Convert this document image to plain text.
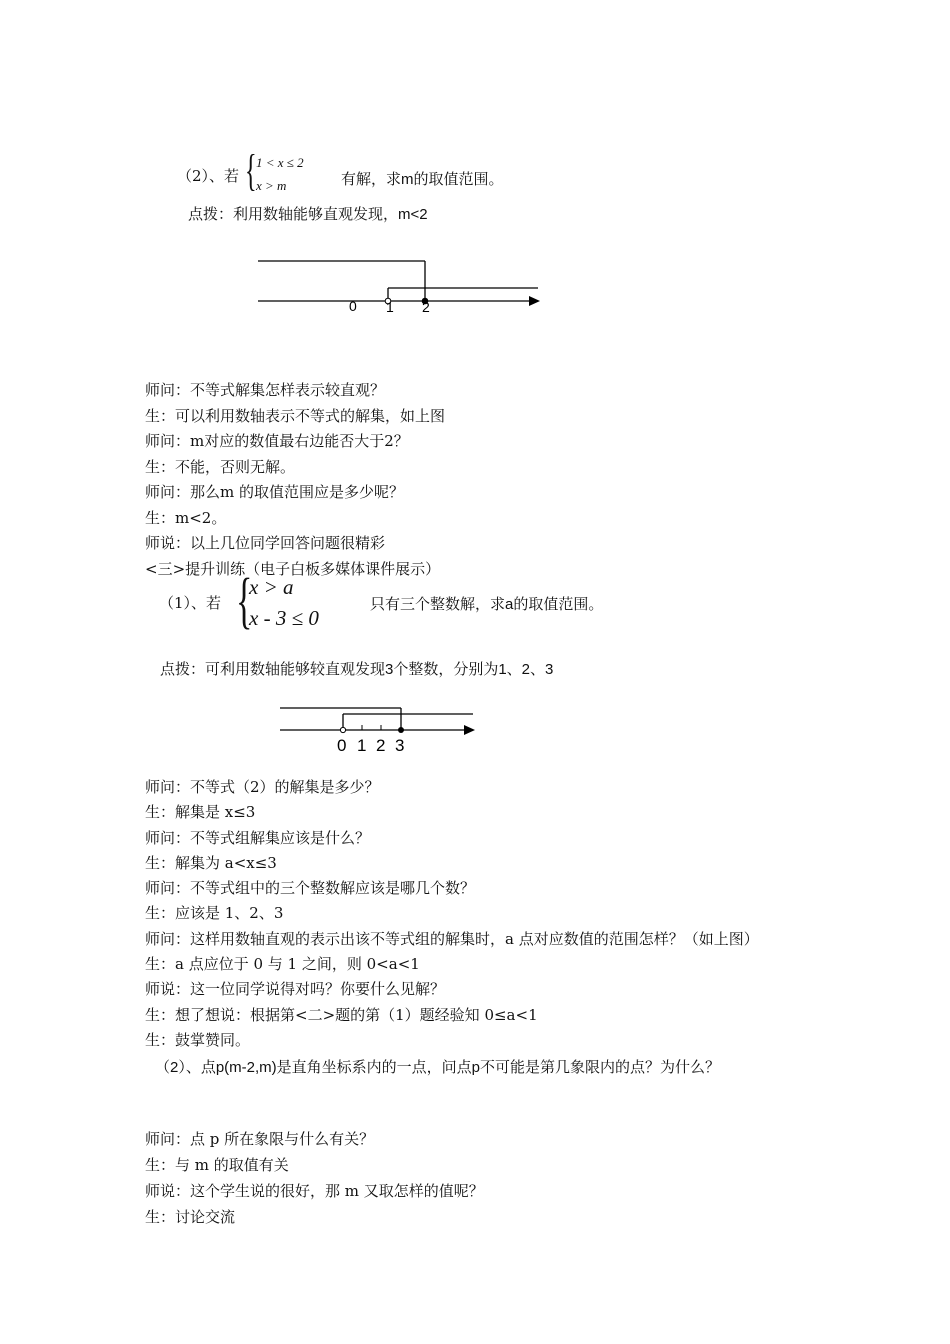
（2）、若 { 1 < x ≤ 2
x > m	有解，求m的取值范围。
点拨：利用数轴能够直观发现，m<2
0 1 2
师问：不等式解集怎样表示较直观？
生：可以利用数轴表示不等式的解集，如上图
师问：m对应的数值最右边能否大于2？
生：不能，否则无解。
师问：那么m 的取值范围应是多少呢？
生：m<2。
师说：以上几位同学回答问题很精彩
<三>提升训练（电子白板多媒体课件展示）
（1）、若 {
x > a
x - 3 ≤ 0
只有三个整数解，求a的取值范围。
点拨：可利用数轴能够较直观发现3个整数，分别为1、2、3
0 1 2 3
师问：不等式（2）的解集是多少？
生：解集是 x≤3
师问：不等式组解集应该是什么？
生：解集为 a<x≤3
师问：不等式组中的三个整数解应该是哪几个数？
生：应该是 1、2、3
师问：这样用数轴直观的表示出该不等式组的解集时，a 点对应数值的范围怎样？（如上图）
生：a 点应位于 0 与 1 之间，则 0<a<1
师说：这一位同学说得对吗？你要什么见解？
生：想了想说：根据第<二>题的第（1）题经验知 0≤a<1
生：鼓掌赞同。
（2）、点p(m-2,m)是直角坐标系内的一点，问点p不可能是第几象限内的点？为什么？
师问：点 p 所在象限与什么有关？
生：与 m 的取值有关
师说：这个学生说的很好，那 m 又取怎样的值呢？
生：讨论交流
